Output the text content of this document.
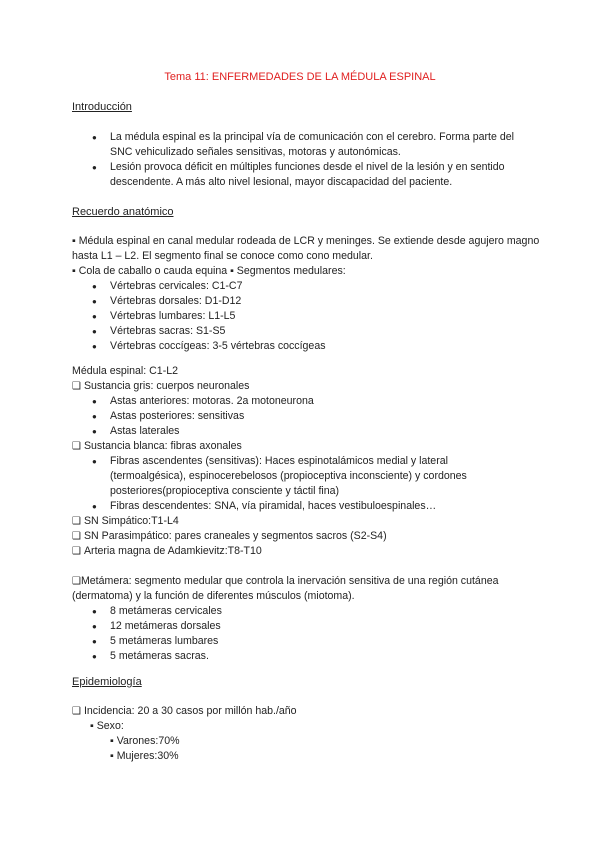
Tema 11: ENFERMEDADES DE LA MÉDULA ESPINAL
Introducción
● La médula espinal es la principal vía de comunicación con el cerebro. Forma parte del SNC vehiculizado señales sensitivas, motoras y autonómicas.
● Lesión provoca déficit en múltiples funciones desde el nivel de la lesión y en sentido descendente. A más alto nivel lesional, mayor discapacidad del paciente.
Recuerdo anatómico
▪ Médula espinal en canal medular rodeada de LCR y meninges. Se extiende desde agujero magno hasta L1 – L2. El segmento final se conoce como cono medular.
▪ Cola de caballo o cauda equina ▪ Segmentos medulares:
● Vértebras cervicales: C1-C7
● Vértebras dorsales: D1-D12
● Vértebras lumbares: L1-L5
● Vértebras sacras: S1-S5
● Vértebras coccígeas: 3-5 vértebras coccígeas
Médula espinal: C1-L2
❑ Sustancia gris: cuerpos neuronales
● Astas anteriores: motoras. 2a motoneurona
● Astas posteriores: sensitivas
● Astas laterales
❑ Sustancia blanca: fibras axonales
● Fibras ascendentes (sensitivas): Haces espinotalámicos medial y lateral (termoalgésica), espinocerebelosos (propioceptiva inconsciente) y cordones posteriores(propioceptiva consciente y táctil fina)
● Fibras descendentes: SNA, vía piramidal, haces vestibuloespinales…
❑ SN Simpático:T1-L4
❑ SN Parasimpático: pares craneales y segmentos sacros (S2-S4)
❑ Arteria magna de Adamkievitz:T8-T10
❑Metámera: segmento medular que controla la inervación sensitiva de una región cutánea (dermatoma) y la función de diferentes músculos (miotoma).
● 8 metámeras cervicales
● 12 metámeras dorsales
● 5 metámeras lumbares
● 5 metámeras sacras.
Epidemiología
❑ Incidencia: 20 a 30 casos por millón hab./año
▪ Sexo:
▪ Varones:70%
▪ Mujeres:30%
